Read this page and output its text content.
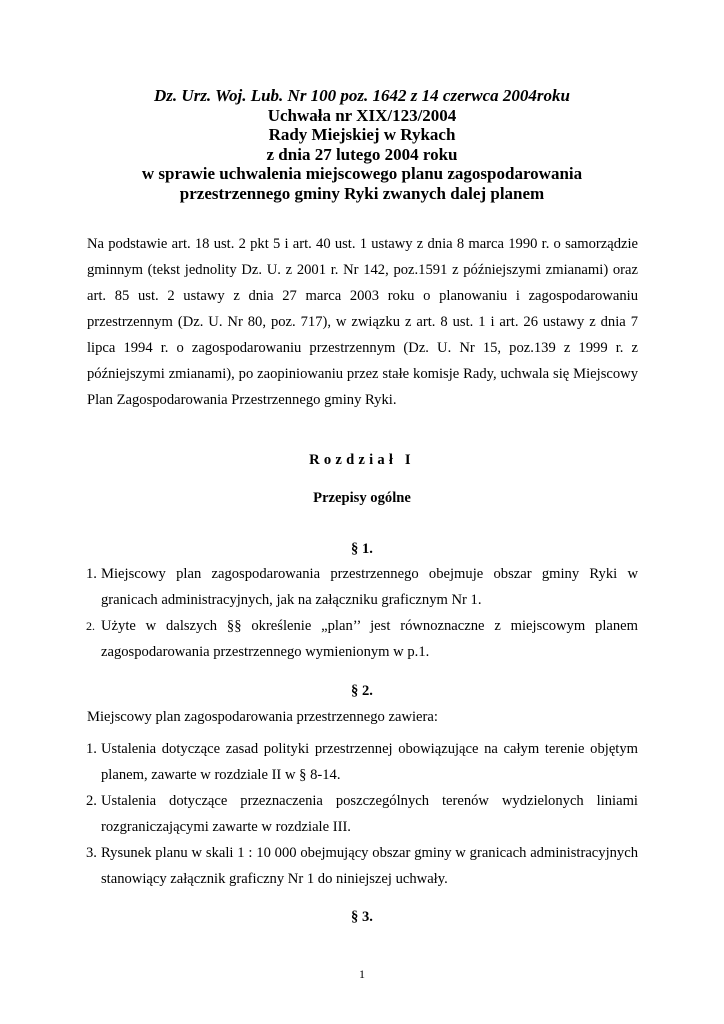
Dz. Urz. Woj. Lub. Nr 100 poz. 1642 z 14 czerwca 2004roku
Uchwała nr XIX/123/2004
Rady Miejskiej w Rykach
z dnia 27 lutego 2004 roku
w sprawie uchwalenia miejscowego planu zagospodarowania
przestrzennego gminy Ryki zwanych dalej planem
Na podstawie art. 18 ust. 2 pkt 5 i art. 40 ust. 1 ustawy z dnia 8 marca 1990 r. o samorządzie gminnym (tekst jednolity Dz. U. z 2001 r. Nr 142, poz.1591 z późniejszymi zmianami) oraz art. 85 ust. 2 ustawy z dnia 27 marca 2003 roku o planowaniu i zagospodarowaniu przestrzennym (Dz. U. Nr 80, poz. 717), w związku z art. 8 ust. 1 i art. 26 ustawy z dnia 7 lipca 1994 r. o zagospodarowaniu przestrzennym (Dz. U. Nr 15, poz.139 z 1999 r. z późniejszymi zmianami), po zaopiniowaniu przez stałe komisje Rady, uchwala się Miejscowy Plan Zagospodarowania Przestrzennego gminy Ryki.
Rozdział I
Przepisy ogólne
§ 1.
1. Miejscowy plan zagospodarowania przestrzennego obejmuje obszar gminy Ryki w granicach administracyjnych, jak na załączniku graficznym Nr 1.
2. Użyte w dalszych §§ określenie „plan’’ jest równoznaczne z miejscowym planem zagospodarowania przestrzennego wymienionym w p.1.
§ 2.
Miejscowy plan zagospodarowania przestrzennego zawiera:
1. Ustalenia dotyczące zasad polityki przestrzennej obowiązujące na całym terenie objętym planem, zawarte w rozdziale II w § 8-14.
2. Ustalenia dotyczące przeznaczenia poszczególnych terenów wydzielonych liniami rozgraniczającymi zawarte w rozdziale III.
3. Rysunek planu w skali 1 : 10 000 obejmujący obszar gminy w granicach administracyjnych stanowiący załącznik graficzny Nr 1 do niniejszej uchwały.
§ 3.
1
